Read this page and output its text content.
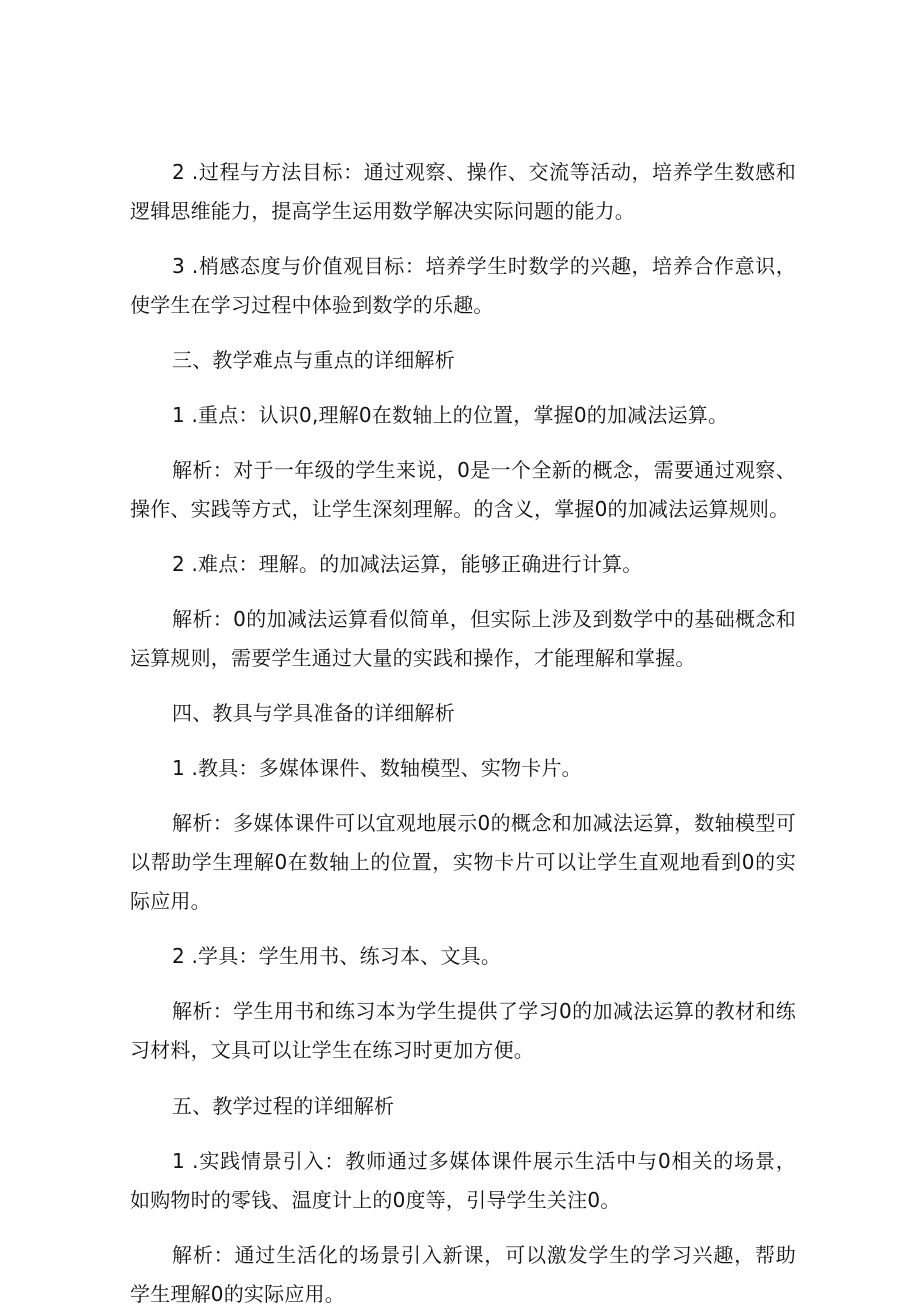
2 .过程与方法目标：通过观察、操作、交流等活动，培养学生数感和逻辑思维能力，提高学生运用数学解决实际问题的能力。

3 .梢感态度与价值观目标：培养学生时数学的兴趣，培养合作意识，使学生在学习过程中体验到数学的乐趣。

三、教学难点与重点的详细解析

1 .重点：认识0,理解0在数轴上的位置，掌握0的加减法运算。

解析：对于一年级的学生来说，0是一个全新的概念，需要通过观察、操作、实践等方式，让学生深刻理解。的含义，掌握0的加减法运算规则。

2 .难点：理解。的加减法运算，能够正确进行计算。

解析：0的加减法运算看似简单，但实际上涉及到数学中的基础概念和运算规则，需要学生通过大量的实践和操作，才能理解和掌握。

四、教具与学具准备的详细解析

1 .教具：多媒体课件、数轴模型、实物卡片。

解析：多媒体课件可以宜观地展示0的概念和加减法运算，数轴模型可以帮助学生理解0在数轴上的位置，实物卡片可以让学生直观地看到0的实际应用。

2 .学具：学生用书、练习本、文具。

解析：学生用书和练习本为学生提供了学习0的加减法运算的教材和练习材料，文具可以让学生在练习时更加方便。

五、教学过程的详细解析

1 .实践情景引入：教师通过多媒体课件展示生活中与0相关的场景，如购物时的零钱、温度计上的0度等，引导学生关注0。

解析：通过生活化的场景引入新课，可以激发学生的学习兴趣，帮助学生理解0的实际应用。
